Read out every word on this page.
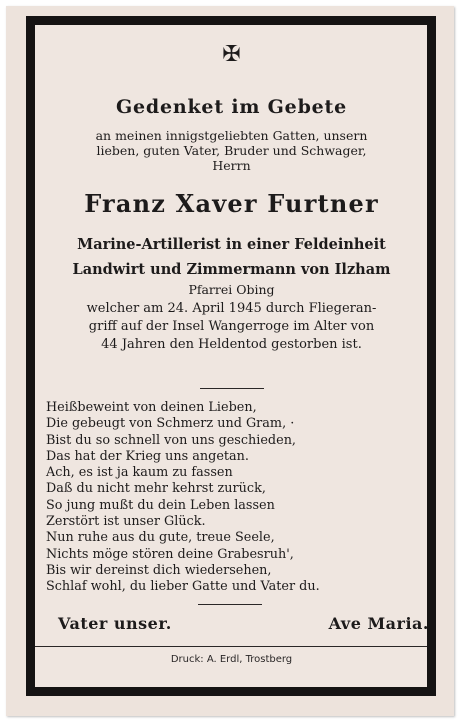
✠
Gedenket im Gebete
an meinen innigstgeliebten Gatten, unsern
lieben, guten Vater, Bruder und Schwager,
Herrn
Franz Xaver Furtner
Marine-Artillerist in einer Feldeinheit
Landwirt und Zimmermann von Ilzham
Pfarrei Obing
welcher am 24. April 1945 durch Fliegeran-
griff auf der Insel Wangerroge im Alter von
44 Jahren den Heldentod gestorben ist.
Heißbeweint von deinen Lieben,
Die gebeugt von Schmerz und Gram, ·
Bist du so schnell von uns geschieden,
Das hat der Krieg uns angetan.
Ach, es ist ja kaum zu fassen
Daß du nicht mehr kehrst zurück,
So jung mußt du dein Leben lassen
Zerstört ist unser Glück.
Nun ruhe aus du gute, treue Seele,
Nichts möge stören deine Grabesruh',
Bis wir dereinst dich wiedersehen,
Schlaf wohl, du lieber Gatte und Vater du.
Vater unser.	Ave Maria.
Druck: A. Erdl, Trostberg
